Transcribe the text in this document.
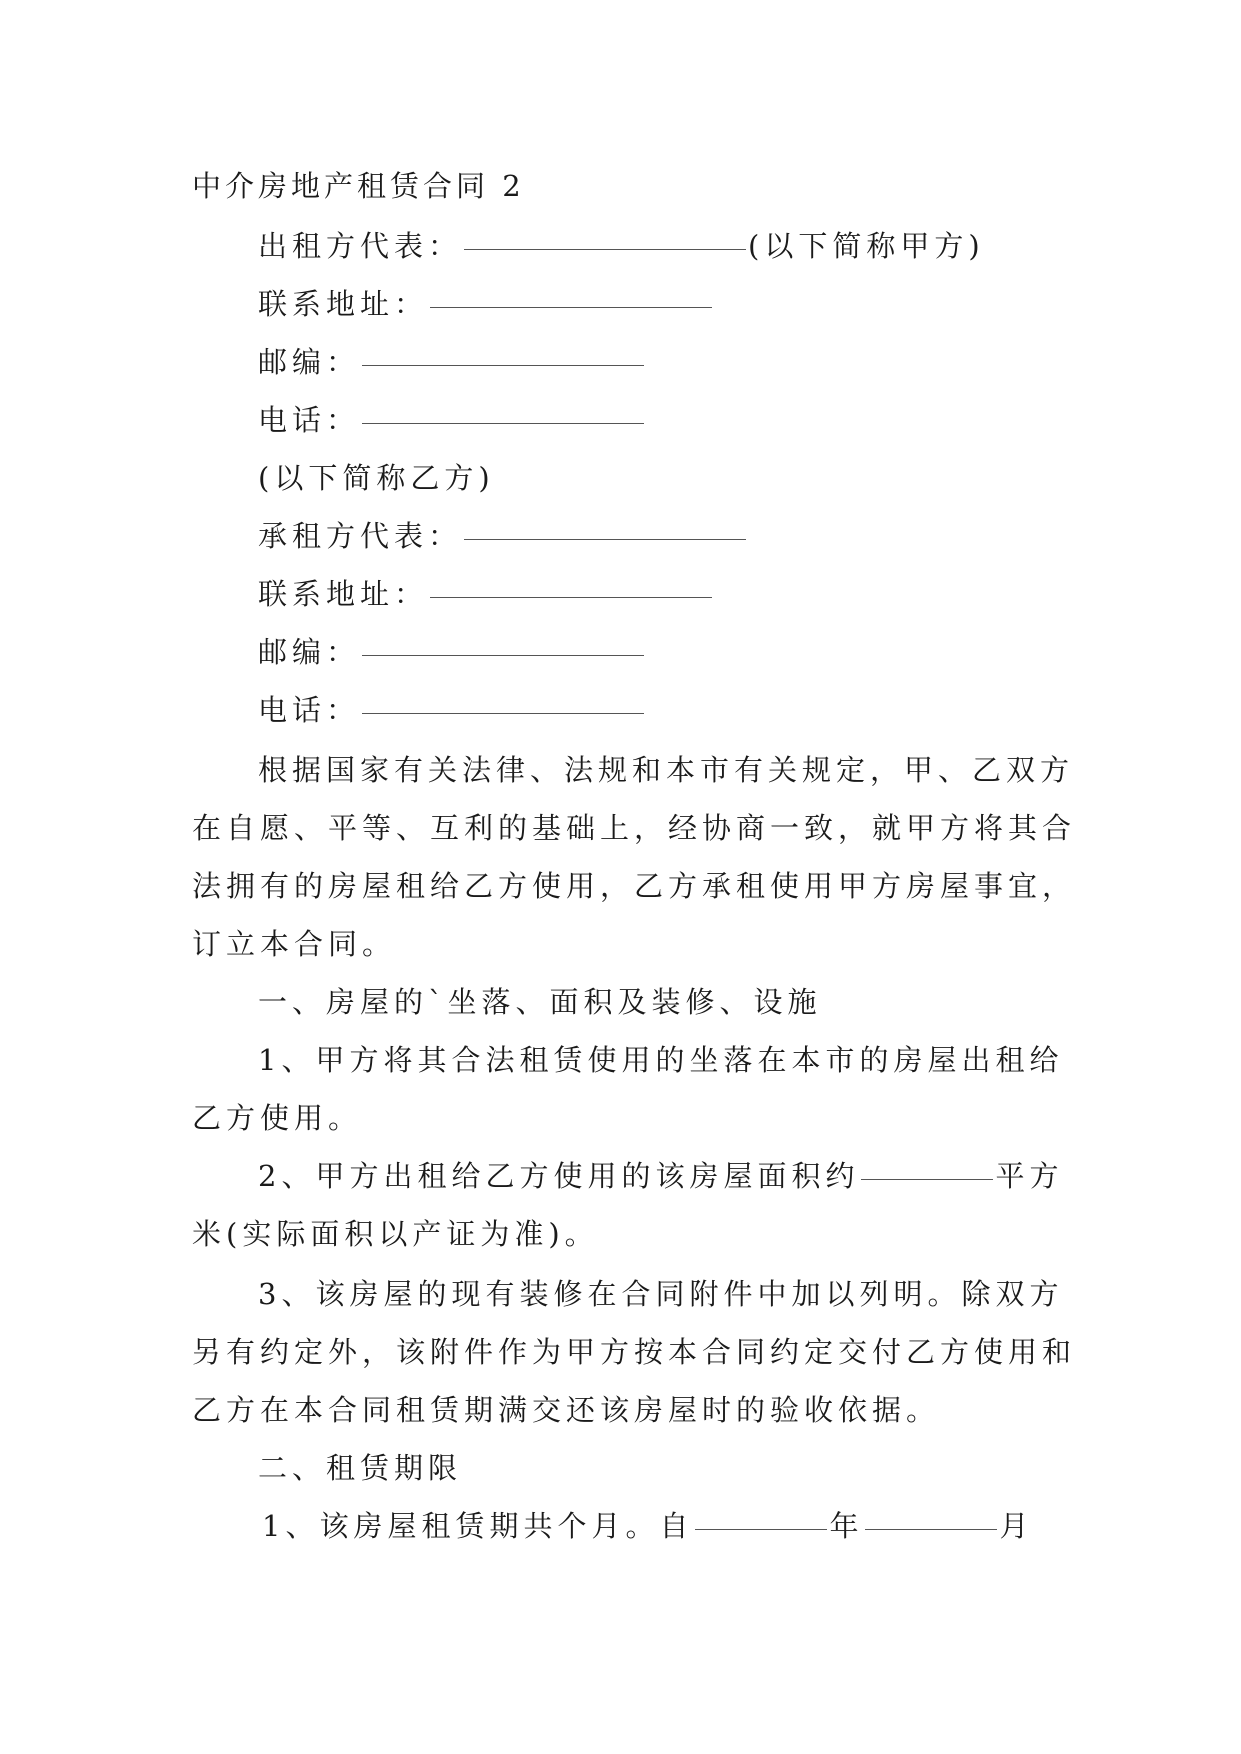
中介房地产租赁合同 2
出租方代表：	(以下简称甲方)
联系地址：
邮编：
电话：
(以下简称乙方)
承租方代表：
联系地址：
邮编：
电话：
根据国家有关法律、法规和本市有关规定，甲、乙双方
在自愿、平等、互利的基础上，经协商一致，就甲方将其合
法拥有的房屋租给乙方使用，乙方承租使用甲方房屋事宜，
订立本合同。
一、房屋的`坐落、面积及装修、设施
1、甲方将其合法租赁使用的坐落在本市的房屋出租给
乙方使用。
2、甲方出租给乙方使用的该房屋面积约	平方
米(实际面积以产证为准)。
3、该房屋的现有装修在合同附件中加以列明。除双方
另有约定外，该附件作为甲方按本合同约定交付乙方使用和
乙方在本合同租赁期满交还该房屋时的验收依据。
二、租赁期限
1、该房屋租赁期共个月。自	年	月
